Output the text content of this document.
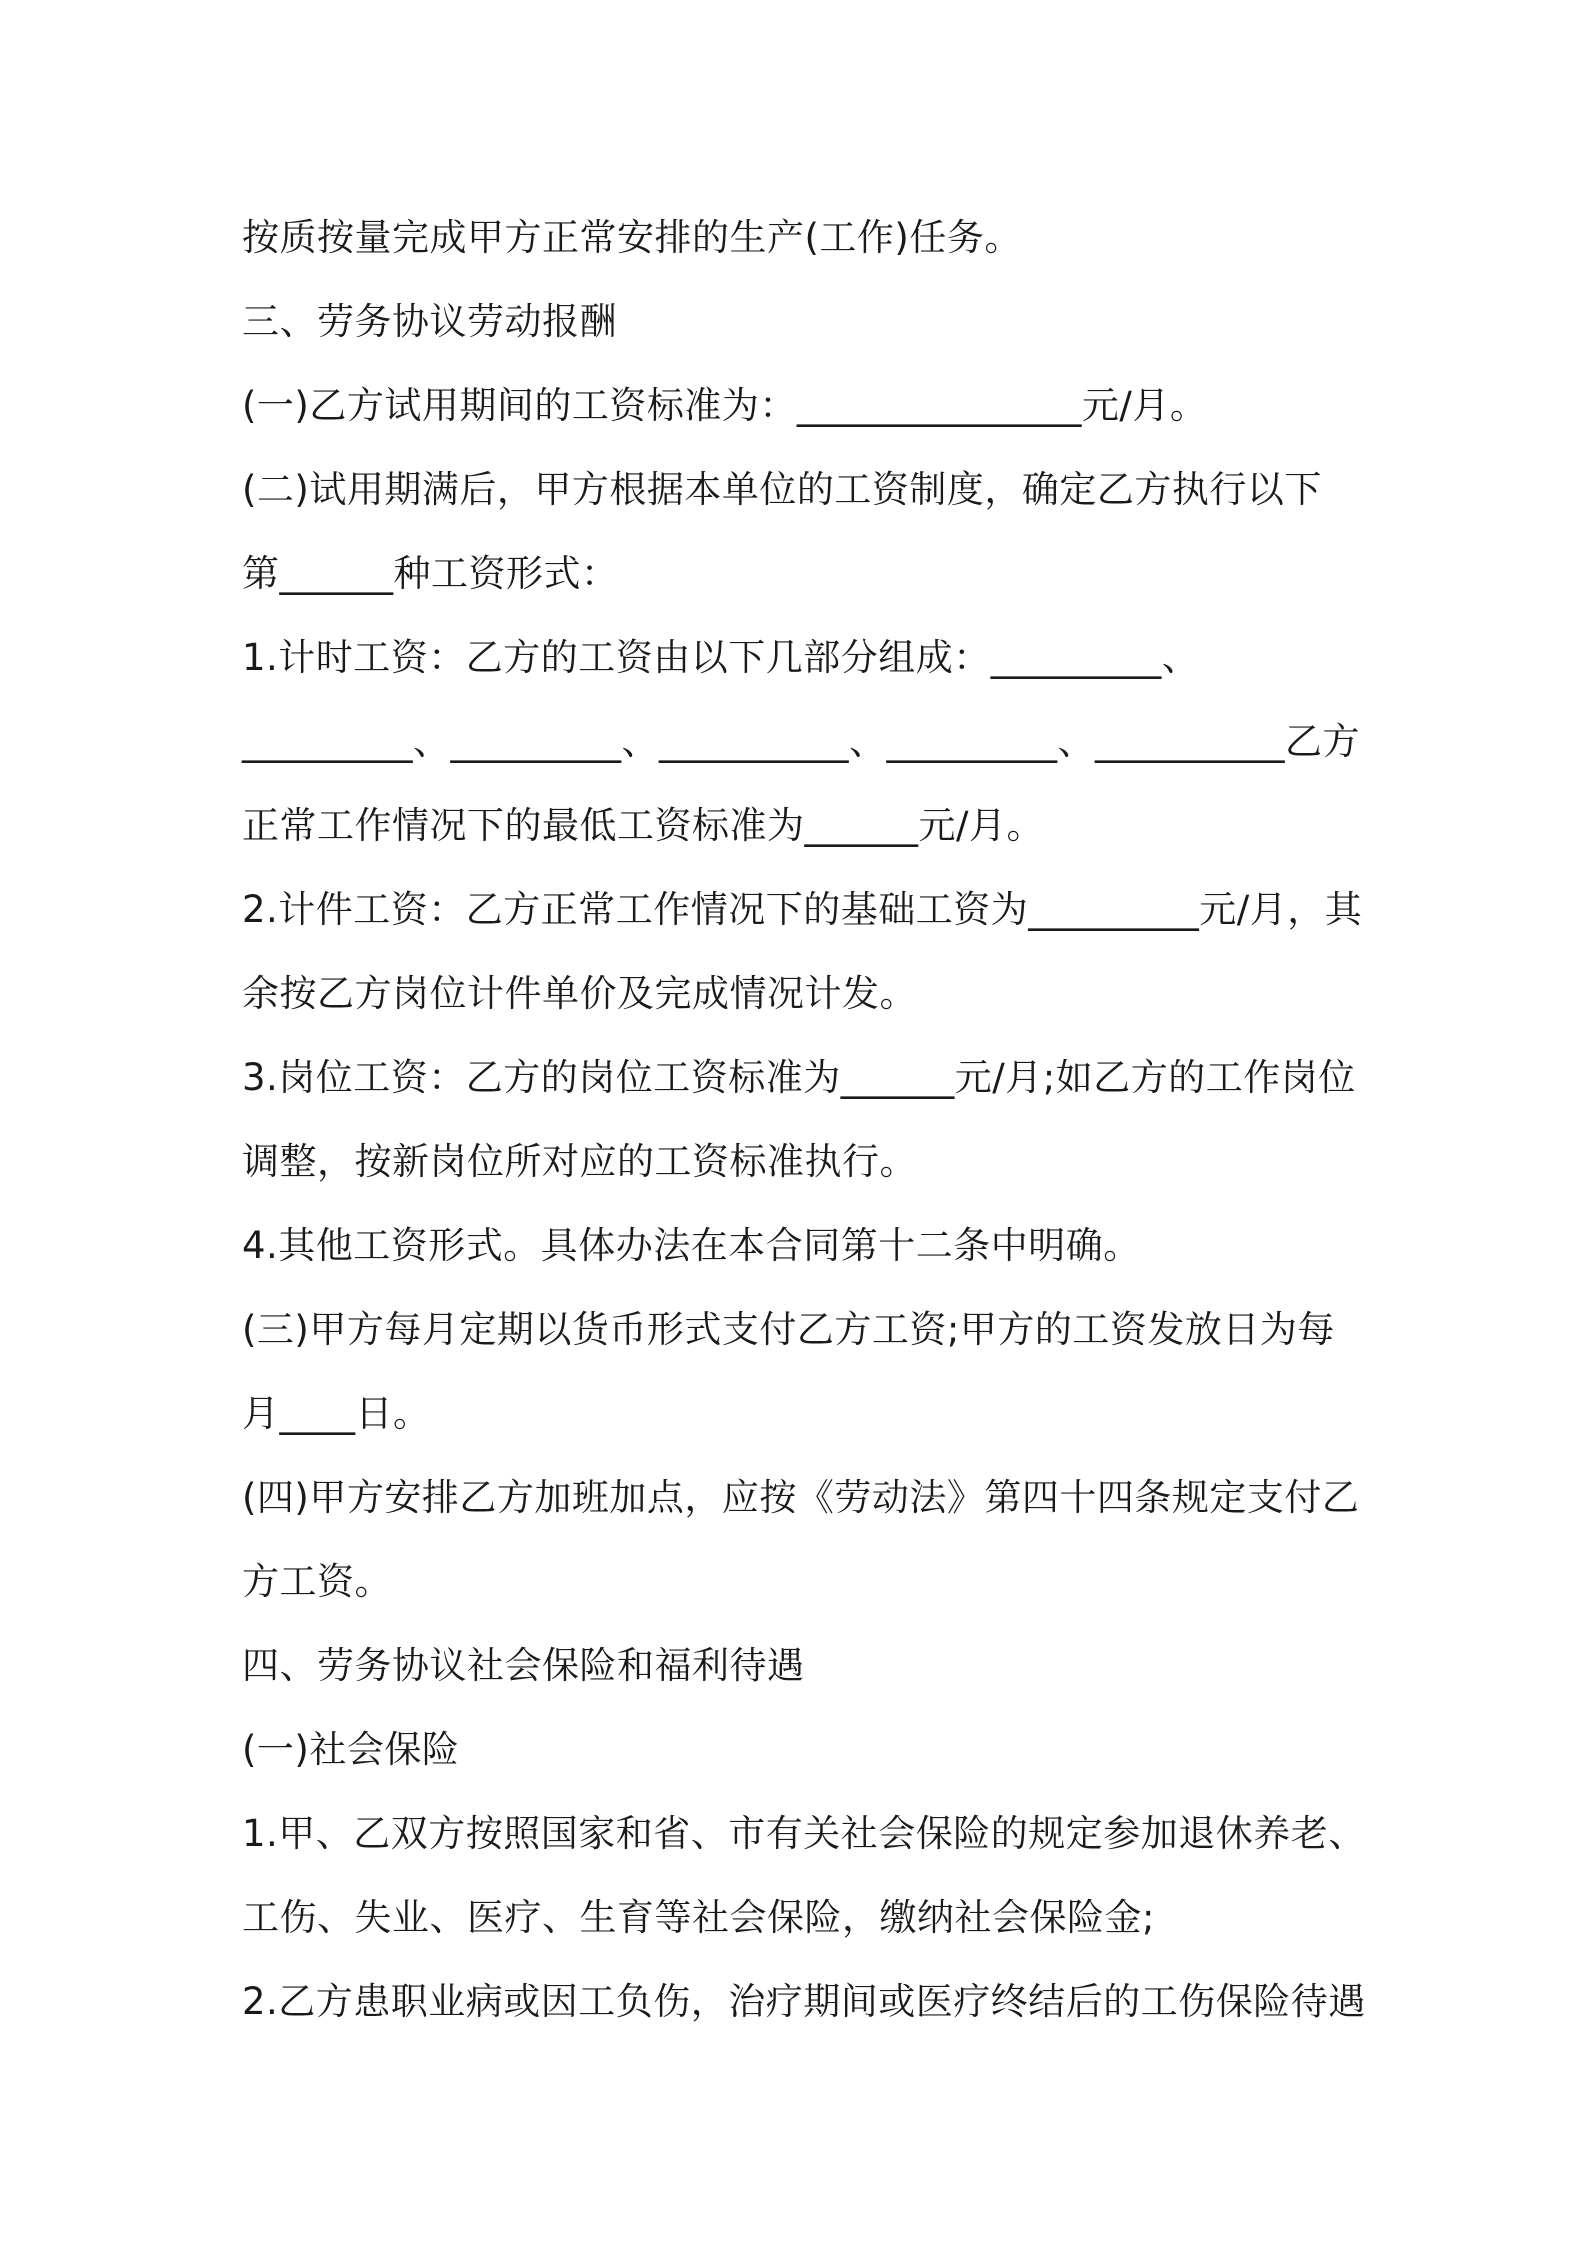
按质按量完成甲方正常安排的生产(工作)任务。
三、劳务协议劳动报酬
(一)乙方试用期间的工资标准为：_______________元/月。
(二)试用期满后，甲方根据本单位的工资制度，确定乙方执行以下
第______种工资形式：
1.计时工资：乙方的工资由以下几部分组成：_________、
_________、_________、__________、_________、__________乙方
正常工作情况下的最低工资标准为______元/月。
2.计件工资：乙方正常工作情况下的基础工资为_________元/月，其
余按乙方岗位计件单价及完成情况计发。
3.岗位工资：乙方的岗位工资标准为______元/月;如乙方的工作岗位
调整，按新岗位所对应的工资标准执行。
4.其他工资形式。具体办法在本合同第十二条中明确。
(三)甲方每月定期以货币形式支付乙方工资;甲方的工资发放日为每
月____日。
(四)甲方安排乙方加班加点，应按《劳动法》第四十四条规定支付乙
方工资。
四、劳务协议社会保险和福利待遇
(一)社会保险
1.甲、乙双方按照国家和省、市有关社会保险的规定参加退休养老、
工伤、失业、医疗、生育等社会保险，缴纳社会保险金;
2.乙方患职业病或因工负伤，治疗期间或医疗终结后的工伤保险待遇
